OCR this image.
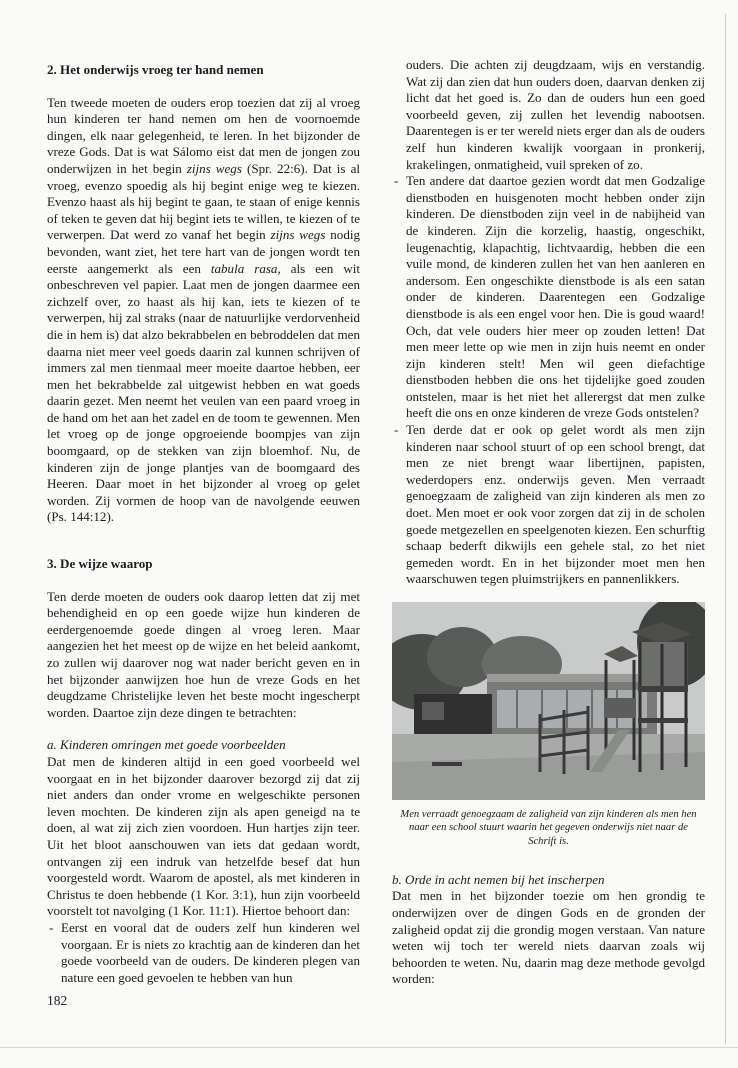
2. Het onderwijs vroeg ter hand nemen

Ten tweede moeten de ouders erop toezien dat zij al vroeg hun kinderen ter hand nemen om hen de voornoemde dingen, elk naar gelegenheid, te leren. In het bijzonder de vreze Gods. Dat is wat Sálomo eist dat men de jongen zou onderwijzen in het begin zijns wegs (Spr. 22:6). Dat is al vroeg, evenzo spoedig als hij begint enige weg te kiezen. Evenzo haast als hij begint te gaan, te staan of enige kennis of teken te geven dat hij begint iets te willen, te kiezen of te verwerpen. Dat werd zo vanaf het begin zijns wegs nodig bevonden, want ziet, het tere hart van de jongen wordt ten eerste aangemerkt als een tabula rasa, als een wit onbeschreven vel papier. Laat men de jongen daarmee een zichzelf over, zo haast als hij kan, iets te kiezen of te verwerpen, hij zal straks (naar de natuurlijke verdorvenheid die in hem is) dat alzo bekrabbelen en bebroddelen dat men daarna niet meer veel goeds daarin zal kunnen schrijven of immers zal men tienmaal meer moeite daartoe hebben, eer men het bekrabbelde zal uitgewist hebben en wat goeds daarin gezet. Men neemt het veulen van een paard vroeg in de hand om het aan het zadel en de toom te gewennen. Men let vroeg op de jonge opgroeiende boompjes van zijn boomgaard, op de stekken van zijn bloemhof. Nu, de kinderen zijn de jonge plantjes van de boomgaard des Heeren. Daar moet in het bijzonder al vroeg op gelet worden. Zij vormen de hoop van de navolgende eeuwen (Ps. 144:12).

3. De wijze waarop

Ten derde moeten de ouders ook daarop letten dat zij met behendigheid en op een goede wijze hun kinderen de eerdergenoemde goede dingen al vroeg leren. Maar aangezien het het meest op de wijze en het beleid aankomt, zo zullen wij daarover nog wat nader bericht geven en in het bijzonder aanwijzen hoe hun de vreze Gods en het deugdzame Christelijke leven het beste mocht ingescherpt worden. Daartoe zijn deze dingen te betrachten:

a. Kinderen omringen met goede voorbeelden

Dat men de kinderen altijd in een goed voorbeeld wel voorgaat en in het bijzonder daarover bezorgd zij dat zij niet anders dan onder vrome en welgeschikte personen leven mochten. De kinderen zijn als apen geneigd na te doen, al wat zij zich zien voordoen. Hun hartjes zijn teer. Uit het bloot aanschouwen van iets dat gedaan wordt, ontvangen zij een indruk van hetzelfde besef dat hun voorgesteld wordt. Waarom de apostel, als met kinderen in Christus te doen hebbende (1 Kor. 3:1), hun zijn voorbeeld voorstelt tot navolging (1 Kor. 11:1). Hiertoe behoort dan:

- Eerst en vooral dat de ouders zelf hun kinderen wel voorgaan. Er is niets zo krachtig aan de kinderen dan het goede voorbeeld van de ouders. De kinderen plegen van nature een goed gevoelen te hebben van hun

ouders. Die achten zij deugdzaam, wijs en verstandig. Wat zij dan zien dat hun ouders doen, daarvan denken zij licht dat het goed is. Zo dan de ouders hun een goed voorbeeld geven, zij zullen het levendig nabootsen. Daarentegen is er ter wereld niets erger dan als de ouders zelf hun kinderen kwalijk voorgaan in pronkerij, krakelingen, onmatigheid, vuil spreken of zo.

- Ten andere dat daartoe gezien wordt dat men Godzalige dienstboden en huisgenoten mocht hebben onder zijn kinderen. De dienstboden zijn veel in de nabijheid van de kinderen. Zijn die korzelig, haastig, ongeschikt, leugenachtig, klapachtig, lichtvaardig, hebben die een vuile mond, de kinderen zullen het van hen aanleren en andersom. Een ongeschikte dienstbode is als een satan onder de kinderen. Daarentegen een Godzalige dienstbode is als een engel voor hen. Die is goud waard! Och, dat vele ouders hier meer op zouden letten! Dat men meer lette op wie men in zijn huis neemt en onder zijn kinderen stelt! Men wil geen diefachtige dienstboden hebben die ons het tijdelijke goed zouden ontstelen, maar is het niet het allerergst dat men zulke heeft die ons en onze kinderen de vreze Gods ontstelen?
- Ten derde dat er ook op gelet wordt als men zijn kinderen naar school stuurt of op een school brengt, dat men ze niet brengt waar libertijnen, papisten, wederdopers enz. onderwijs geven. Men verraadt genoegzaam de zaligheid van zijn kinderen als men zo doet. Men moet er ook voor zorgen dat zij in de scholen goede metgezellen en speelgenoten kiezen. Een schurftig schaap bederft dikwijls een gehele stal, zo het niet gemeden wordt. En in het bijzonder moet men hen waarschuwen tegen pluimstrijkers en pannenlikkers.
Men verraadt genoegzaam de zaligheid van zijn kinderen als men hen naar een school stuurt waarin het gegeven onderwijs niet naar de Schrift is.
b. Orde in acht nemen bij het inscherpen

Dat men in het bijzonder toezie om hen grondig te onderwijzen over de dingen Gods en de gronden der zaligheid opdat zij die grondig mogen verstaan. Van nature weten wij toch ter wereld niets daarvan zoals wij behoorden te weten. Nu, daarin mag deze methode gevolgd worden:

182
